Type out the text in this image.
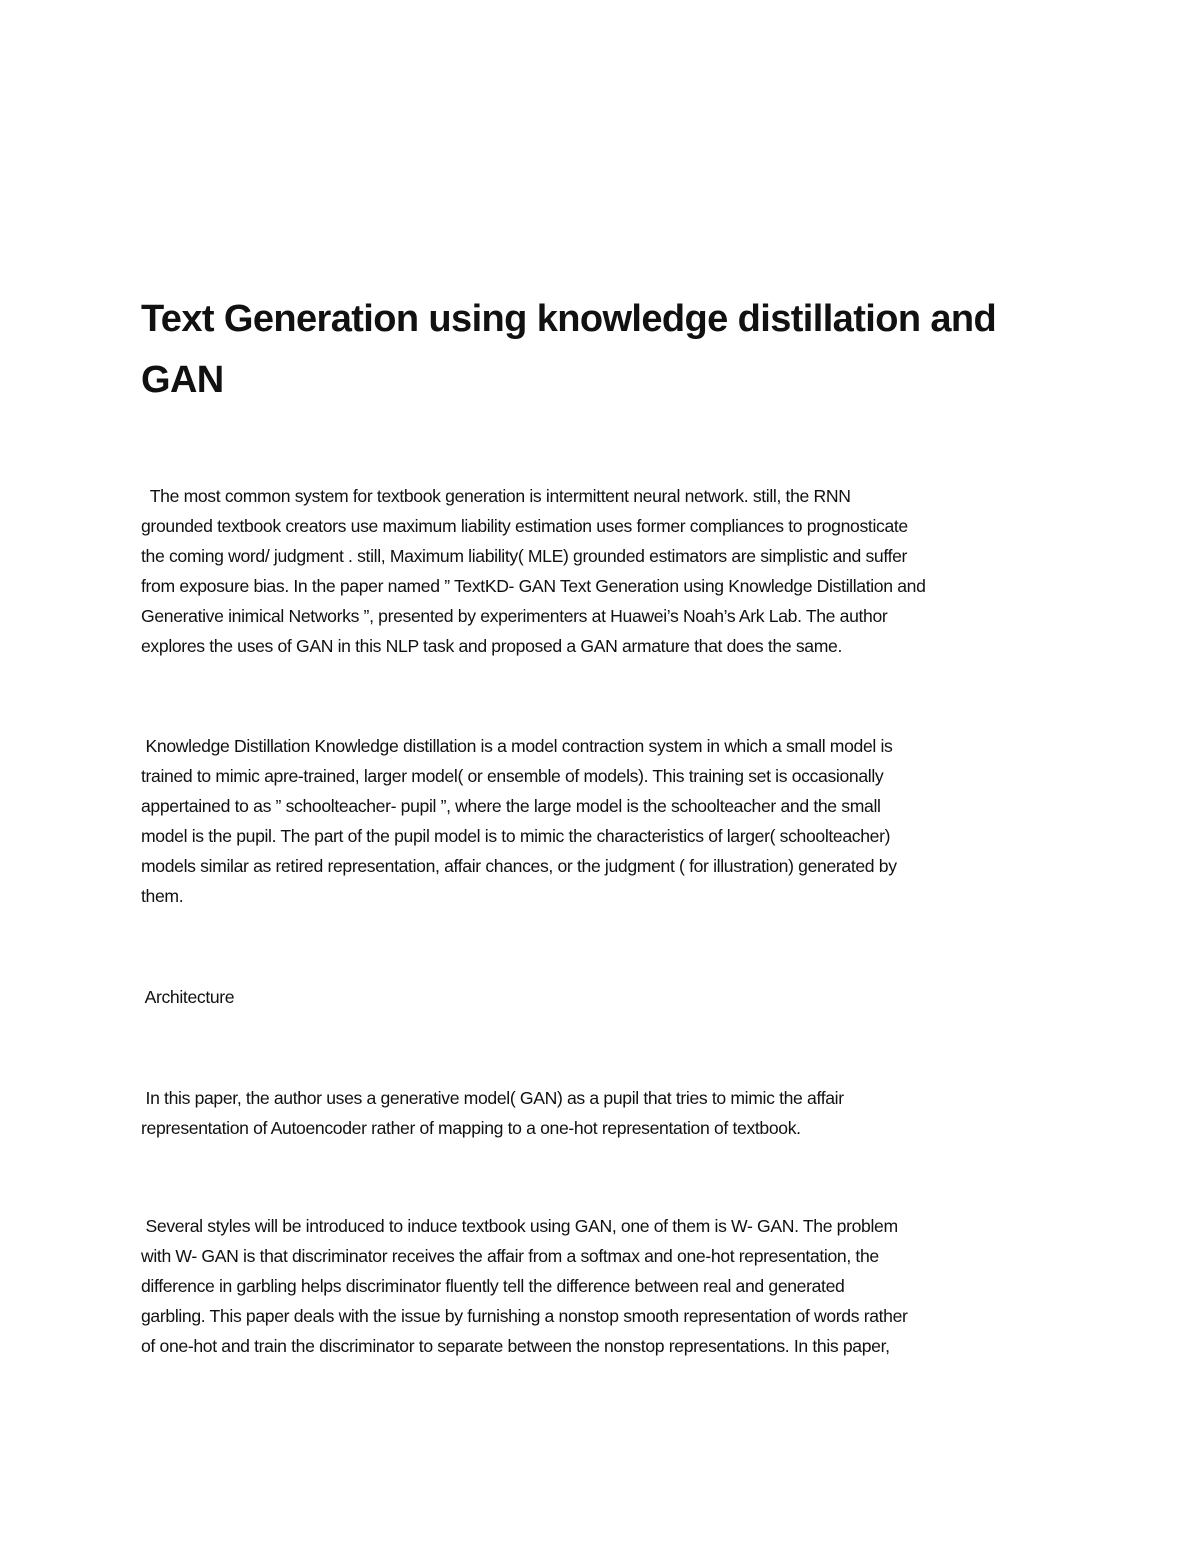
Text Generation using knowledge distillation and
GAN
The most common system for textbook generation is intermittent neural network. still, the RNN
grounded textbook creators use maximum liability estimation uses former compliances to prognosticate
the coming word/ judgment . still, Maximum liability( MLE) grounded estimators are simplistic and suffer
from exposure bias. In the paper named ” TextKD- GAN Text Generation using Knowledge Distillation and
Generative inimical Networks ”, presented by experimenters at Huawei’s Noah’s Ark Lab. The author
explores the uses of GAN in this NLP task and proposed a GAN armature that does the same.
Knowledge Distillation Knowledge distillation is a model contraction system in which a small model is
trained to mimic apre-trained, larger model( or ensemble of models). This training set is occasionally
appertained to as ” schoolteacher- pupil ”, where the large model is the schoolteacher and the small
model is the pupil. The part of the pupil model is to mimic the characteristics of larger( schoolteacher)
models similar as retired representation, affair chances, or the judgment ( for illustration) generated by
them.
Architecture
In this paper, the author uses a generative model( GAN) as a pupil that tries to mimic the affair
representation of Autoencoder rather of mapping to a one-hot representation of textbook.
Several styles will be introduced to induce textbook using GAN, one of them is W- GAN. The problem
with W- GAN is that discriminator receives the affair from a softmax and one-hot representation, the
difference in garbling helps discriminator fluently tell the difference between real and generated
garbling. This paper deals with the issue by furnishing a nonstop smooth representation of words rather
of one-hot and train the discriminator to separate between the nonstop representations. In this paper,
